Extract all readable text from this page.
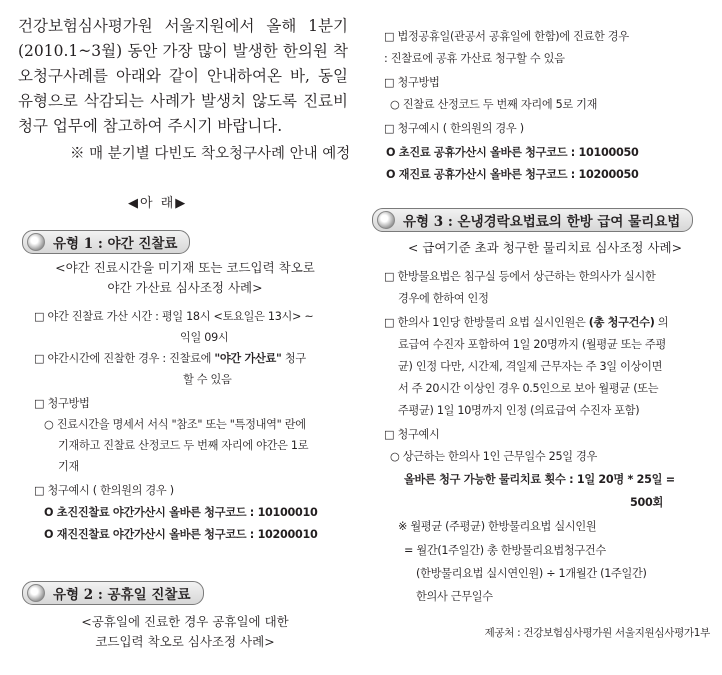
건강보험심사평가원 서울지원에서 올해 1분기(2010.1~3월) 동안 가장 많이 발생한 한의원 착오청구사례를 아래와 같이 안내하여온 바, 동일 유형으로 삭감되는 사례가 발생치 않도록 진료비 청구 업무에 참고하여 주시기 바랍니다.
※ 매 분기별 다빈도 착오청구사례 안내 예정
◀아 래▶
유형 1 : 야간 진찰료
<야간 진료시간을 미기재 또는 코드입력 착오로
야간 가산료 심사조정 사례>
□ 야간 진찰료 가산 시간 : 평일 18시 <토요일은 13시> ~
익일 09시
□ 야간시간에 진찰한 경우 : 진찰료에 "야간 가산료" 청구
할 수 있음
□ 청구방법
○ 진료시간을 명세서 서식 "참조" 또는 "특정내역" 란에
기재하고 진찰료 산정코드 두 번째 자리에 야간은 1로
기재
□ 청구예시 ( 한의원의 경우 )
O 초진진찰료 야간가산시 올바른 청구코드 : 10100010
O 재진진찰료 야간가산시 올바른 청구코드 : 10200010
유형 2 : 공휴일 진찰료
<공휴일에 진료한 경우 공휴일에 대한
코드입력 착오로 심사조정 사례>
□ 법정공휴일(관공서 공휴일에 한함)에 진료한 경우
: 진찰료에 공휴 가산료 청구할 수 있음
□ 청구방법
○ 진찰료 산정코드 두 번째 자리에 5로 기재
□ 청구예시 ( 한의원의 경우 )
O 초진료 공휴가산시 올바른 청구코드 : 10100050
O 재진료 공휴가산시 올바른 청구코드 : 10200050
유형 3 : 온냉경락요법료의 한방 급여 물리요법
< 급여기준 초과 청구한 물리치료 심사조정 사례>
□ 한방물요법은 침구실 등에서 상근하는 한의사가 실시한
경우에 한하여 인정
□ 한의사 1인당 한방물리 요법 실시인원은 (총 청구건수) 의
료급여 수진자 포함하여 1일 20명까지 (월평균 또는 주평
균) 인정 다만, 시간제, 격일제 근무자는 주 3일 이상이면
서 주 20시간 이상인 경우 0.5인으로 보아 월평균 (또는
주평균) 1일 10명까지 인정 (의료급여 수진자 포함)
□ 청구예시
○ 상근하는 한의사 1인 근무일수 25일 경우
올바른 청구 가능한 물리치료 횟수 : 1일 20명 * 25일 =
500회
※ 월평균 (주평균) 한방물리요법 실시인원
= 월간(1주일간) 총 한방물리요법청구건수
(한방물리요법 실시연인원) ÷ 1개월간 (1주일간)
한의사 근무일수
제공처 : 건강보험심사평가원 서울지원심사평가1부
